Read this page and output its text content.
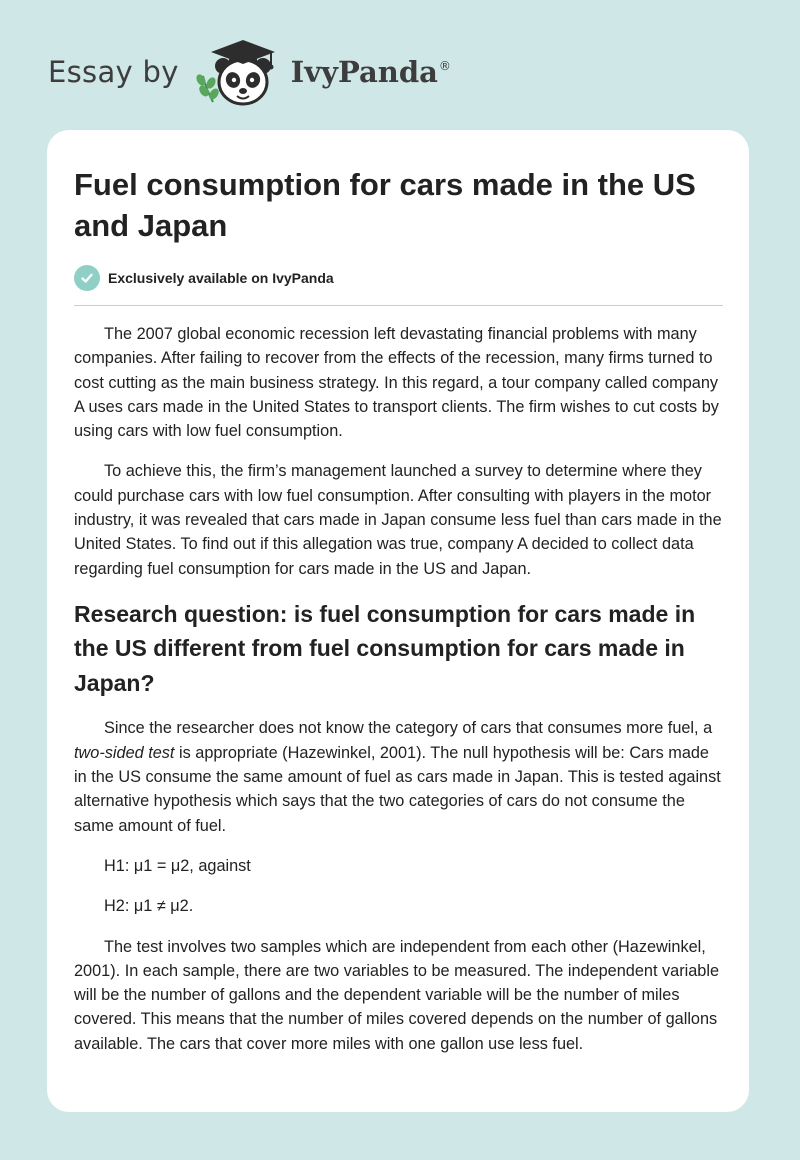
Essay by	IvyPanda ®
Fuel consumption for cars made in the US and Japan
Exclusively available on IvyPanda

The 2007 global economic recession left devastating financial problems with many companies. After failing to recover from the effects of the recession, many firms turned to cost cutting as the main business strategy. In this regard, a tour company called company A uses cars made in the United States to transport clients. The firm wishes to cut costs by using cars with low fuel consumption.

To achieve this, the firm’s management launched a survey to determine where they could purchase cars with low fuel consumption. After consulting with players in the motor industry, it was revealed that cars made in Japan consume less fuel than cars made in the United States. To find out if this allegation was true, company A decided to collect data regarding fuel consumption for cars made in the US and Japan.

Research question: is fuel consumption for cars made in the US different from fuel consumption for cars made in Japan?

Since the researcher does not know the category of cars that consumes more fuel, a two-sided test is appropriate (Hazewinkel, 2001). The null hypothesis will be: Cars made in the US consume the same amount of fuel as cars made in Japan. This is tested against alternative hypothesis which says that the two categories of cars do not consume the same amount of fuel.

H1: μ1 = μ2, against

H2: μ1 ≠ μ2.

The test involves two samples which are independent from each other (Hazewinkel, 2001). In each sample, there are two variables to be measured. The independent variable will be the number of gallons and the dependent variable will be the number of miles covered. This means that the number of miles covered depends on the number of gallons available. The cars that cover more miles with one gallon use less fuel.
